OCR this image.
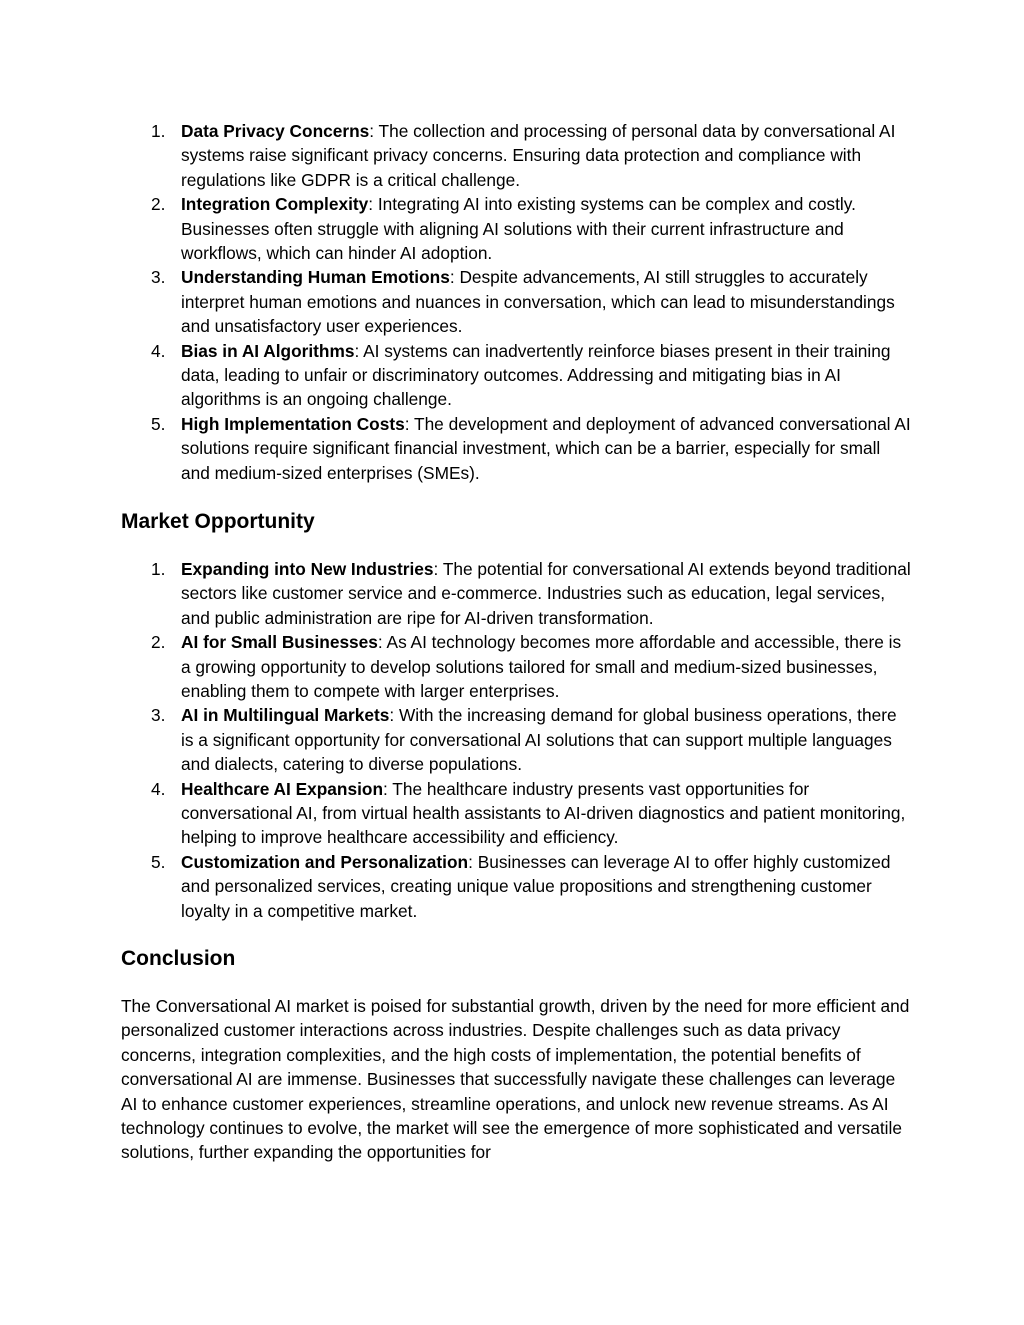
1. Data Privacy Concerns: The collection and processing of personal data by conversational AI systems raise significant privacy concerns. Ensuring data protection and compliance with regulations like GDPR is a critical challenge.
2. Integration Complexity: Integrating AI into existing systems can be complex and costly. Businesses often struggle with aligning AI solutions with their current infrastructure and workflows, which can hinder AI adoption.
3. Understanding Human Emotions: Despite advancements, AI still struggles to accurately interpret human emotions and nuances in conversation, which can lead to misunderstandings and unsatisfactory user experiences.
4. Bias in AI Algorithms: AI systems can inadvertently reinforce biases present in their training data, leading to unfair or discriminatory outcomes. Addressing and mitigating bias in AI algorithms is an ongoing challenge.
5. High Implementation Costs: The development and deployment of advanced conversational AI solutions require significant financial investment, which can be a barrier, especially for small and medium-sized enterprises (SMEs).
Market Opportunity
1. Expanding into New Industries: The potential for conversational AI extends beyond traditional sectors like customer service and e-commerce. Industries such as education, legal services, and public administration are ripe for AI-driven transformation.
2. AI for Small Businesses: As AI technology becomes more affordable and accessible, there is a growing opportunity to develop solutions tailored for small and medium-sized businesses, enabling them to compete with larger enterprises.
3. AI in Multilingual Markets: With the increasing demand for global business operations, there is a significant opportunity for conversational AI solutions that can support multiple languages and dialects, catering to diverse populations.
4. Healthcare AI Expansion: The healthcare industry presents vast opportunities for conversational AI, from virtual health assistants to AI-driven diagnostics and patient monitoring, helping to improve healthcare accessibility and efficiency.
5. Customization and Personalization: Businesses can leverage AI to offer highly customized and personalized services, creating unique value propositions and strengthening customer loyalty in a competitive market.
Conclusion

The Conversational AI market is poised for substantial growth, driven by the need for more efficient and personalized customer interactions across industries. Despite challenges such as data privacy concerns, integration complexities, and the high costs of implementation, the potential benefits of conversational AI are immense. Businesses that successfully navigate these challenges can leverage AI to enhance customer experiences, streamline operations, and unlock new revenue streams. As AI technology continues to evolve, the market will see the emergence of more sophisticated and versatile solutions, further expanding the opportunities for
